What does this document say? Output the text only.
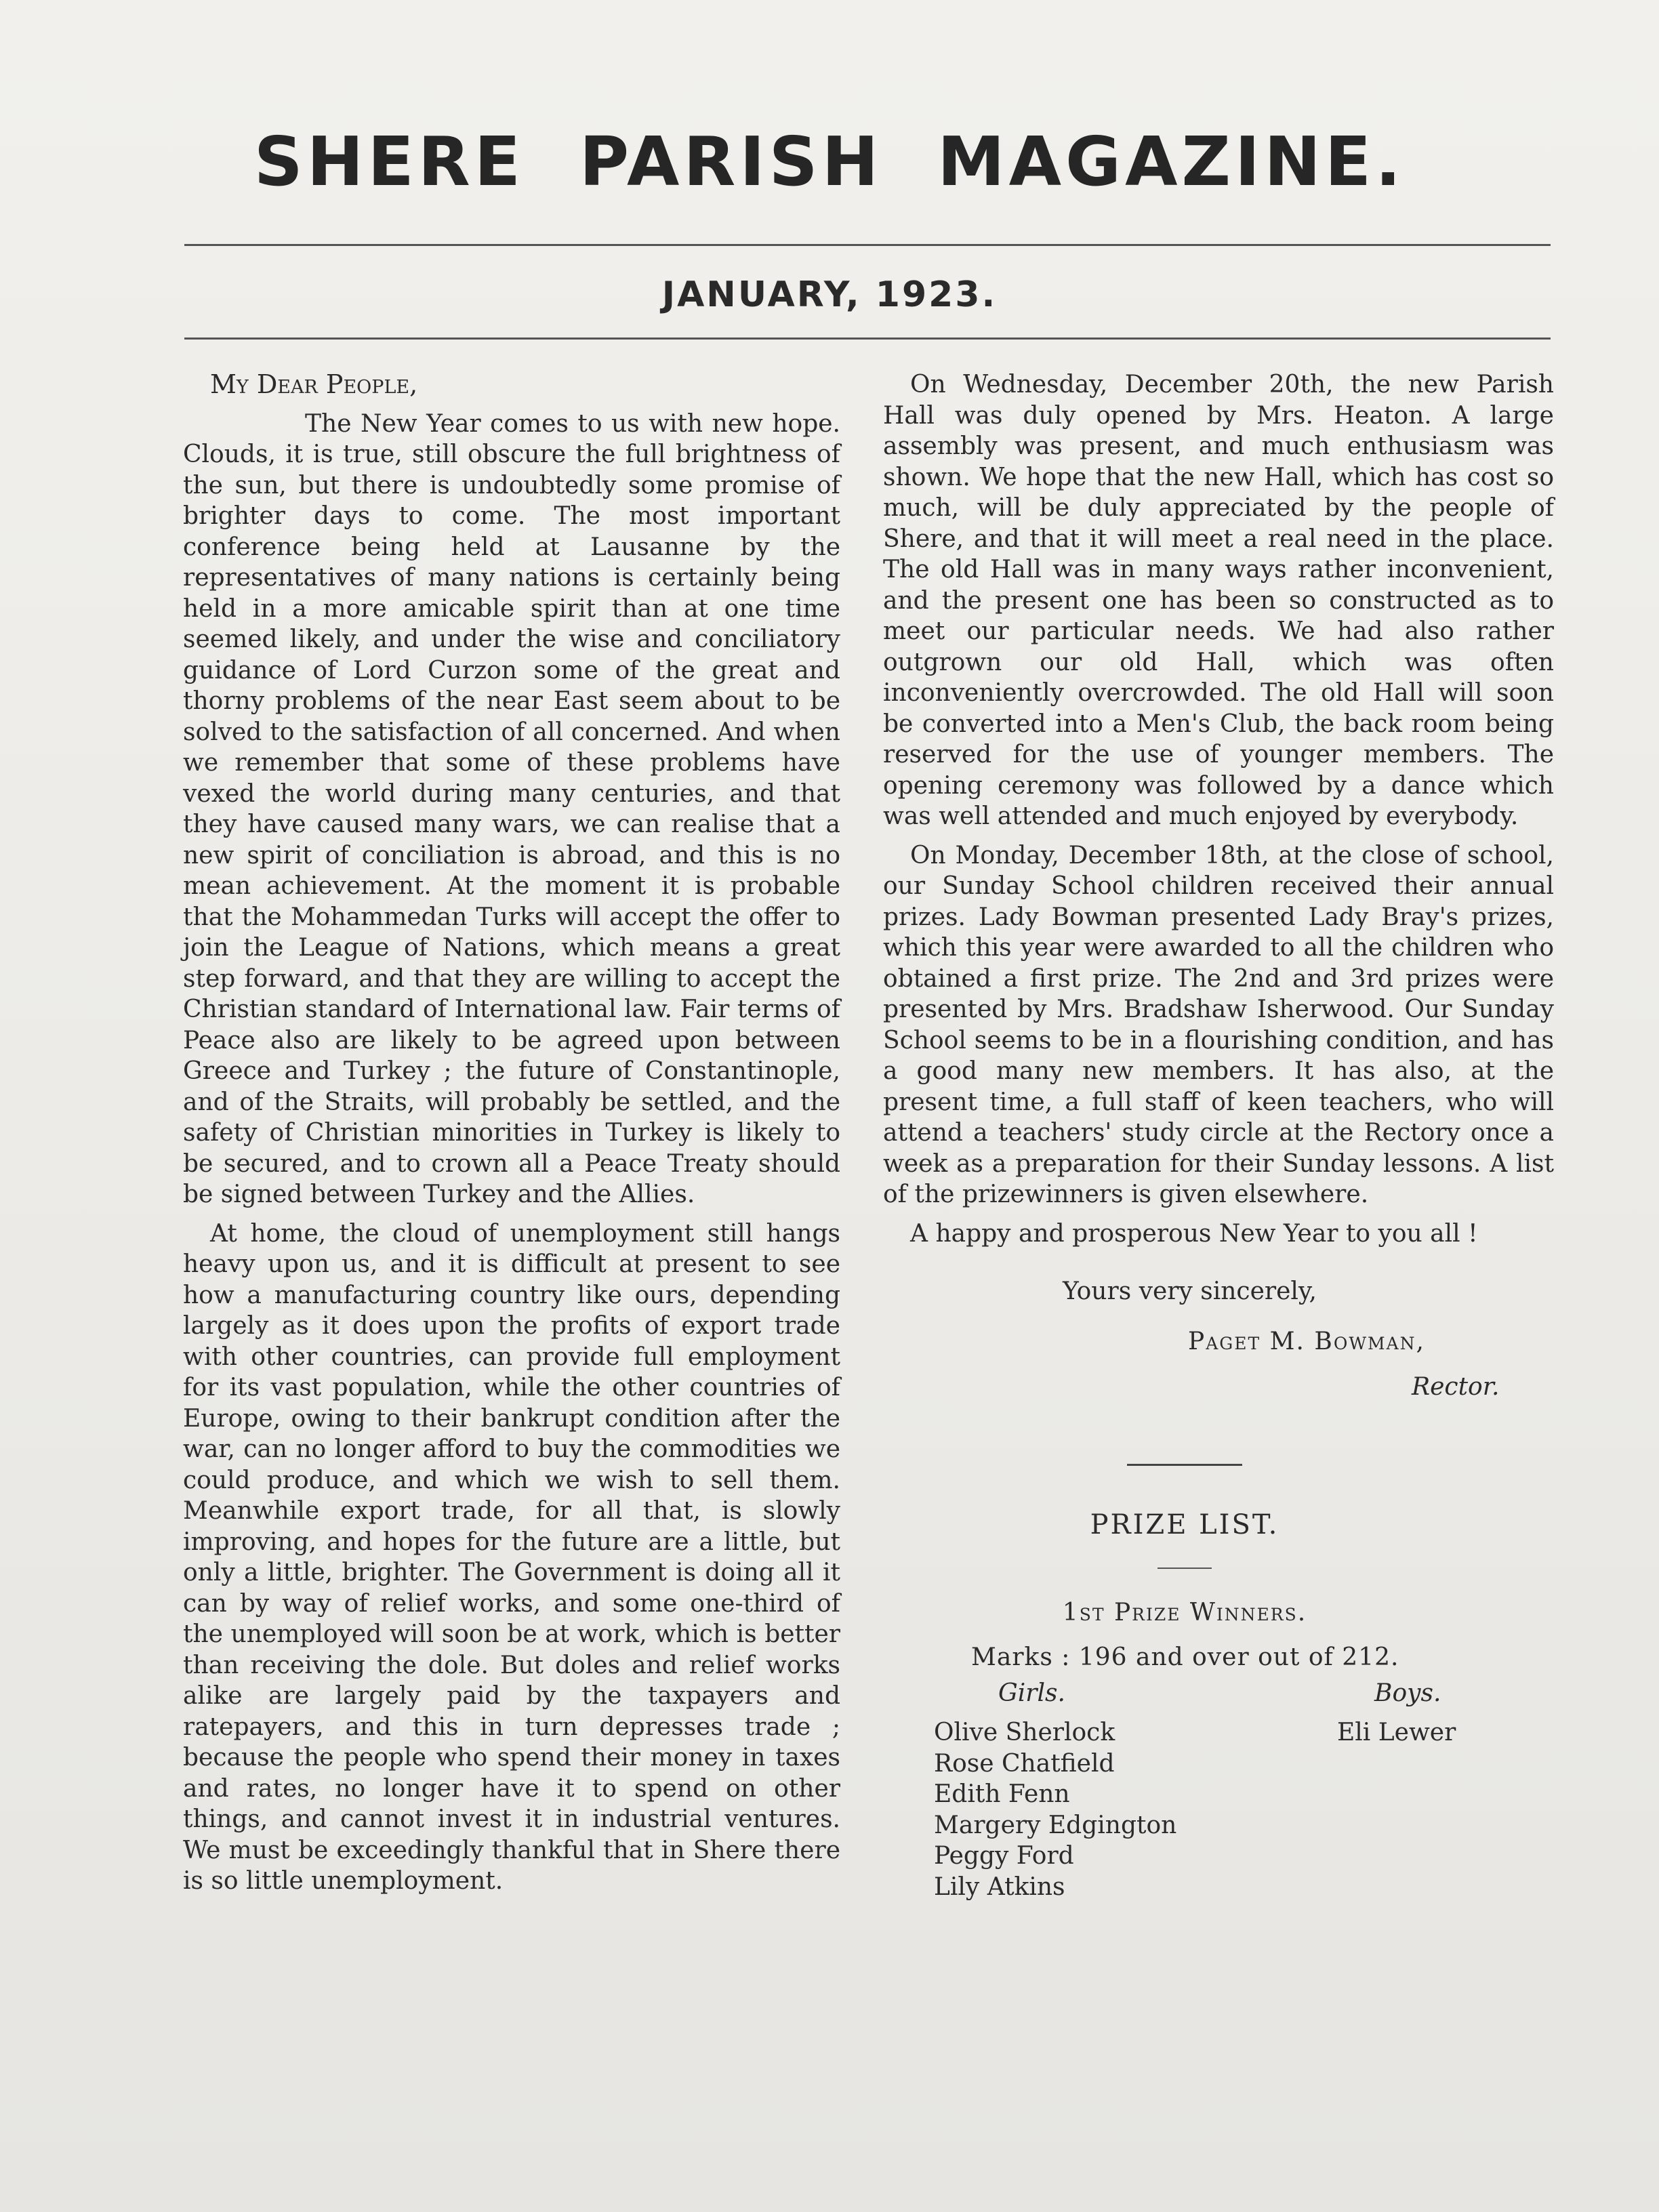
SHERE PARISH MAGAZINE.
JANUARY, 1923.

My Dear People,

The New Year comes to us with new hope. Clouds, it is true, still obscure the full brightness of the sun, but there is undoubtedly some promise of brighter days to come. The most important conference being held at Lausanne by the representatives of many nations is certainly being held in a more amicable spirit than at one time seemed likely, and under the wise and conciliatory guidance of Lord Curzon some of the great and thorny problems of the near East seem about to be solved to the satisfaction of all concerned. And when we remember that some of these problems have vexed the world during many centuries, and that they have caused many wars, we can realise that a new spirit of conciliation is abroad, and this is no mean achievement. At the moment it is probable that the Mohammedan Turks will accept the offer to join the League of Nations, which means a great step forward, and that they are willing to accept the Christian standard of International law. Fair terms of Peace also are likely to be agreed upon between Greece and Turkey ; the future of Constantinople, and of the Straits, will probably be settled, and the safety of Christian minorities in Turkey is likely to be secured, and to crown all a Peace Treaty should be signed between Turkey and the Allies.

At home, the cloud of unemployment still hangs heavy upon us, and it is difficult at present to see how a manufacturing country like ours, depending largely as it does upon the profits of export trade with other countries, can provide full employment for its vast population, while the other countries of Europe, owing to their bankrupt condition after the war, can no longer afford to buy the commodities we could produce, and which we wish to sell them. Meanwhile export trade, for all that, is slowly improving, and hopes for the future are a little, but only a little, brighter. The Government is doing all it can by way of relief works, and some one-third of the unemployed will soon be at work, which is better than receiving the dole. But doles and relief works alike are largely paid by the taxpayers and ratepayers, and this in turn depresses trade ; because the people who spend their money in taxes and rates, no longer have it to spend on other things, and cannot invest it in industrial ventures. We must be exceedingly thankful that in Shere there is so little unemployment.

On Wednesday, December 20th, the new Parish Hall was duly opened by Mrs. Heaton. A large assembly was present, and much enthusiasm was shown. We hope that the new Hall, which has cost so much, will be duly appreciated by the people of Shere, and that it will meet a real need in the place. The old Hall was in many ways rather inconvenient, and the present one has been so constructed as to meet our particular needs. We had also rather outgrown our old Hall, which was often inconveniently overcrowded. The old Hall will soon be converted into a Men's Club, the back room being reserved for the use of younger members. The opening ceremony was followed by a dance which was well attended and much enjoyed by everybody.

On Monday, December 18th, at the close of school, our Sunday School children received their annual prizes. Lady Bowman presented Lady Bray's prizes, which this year were awarded to all the children who obtained a first prize. The 2nd and 3rd prizes were presented by Mrs. Bradshaw Isherwood. Our Sunday School seems to be in a flourishing condition, and has a good many new members. It has also, at the present time, a full staff of keen teachers, who will attend a teachers' study circle at the Rectory once a week as a preparation for their Sunday lessons. A list of the prizewinners is given elsewhere.

A happy and prosperous New Year to you all !

Yours very sincerely,
Paget M. Bowman,
Rector.
PRIZE LIST.
1st Prize Winners.
Marks : 196 and over out of 212.
Girls.	Boys.
Olive Sherlock
Rose Chatfield
Edith Fenn
Margery Edgington
Peggy Ford
Lily Atkins
Eli Lewer
